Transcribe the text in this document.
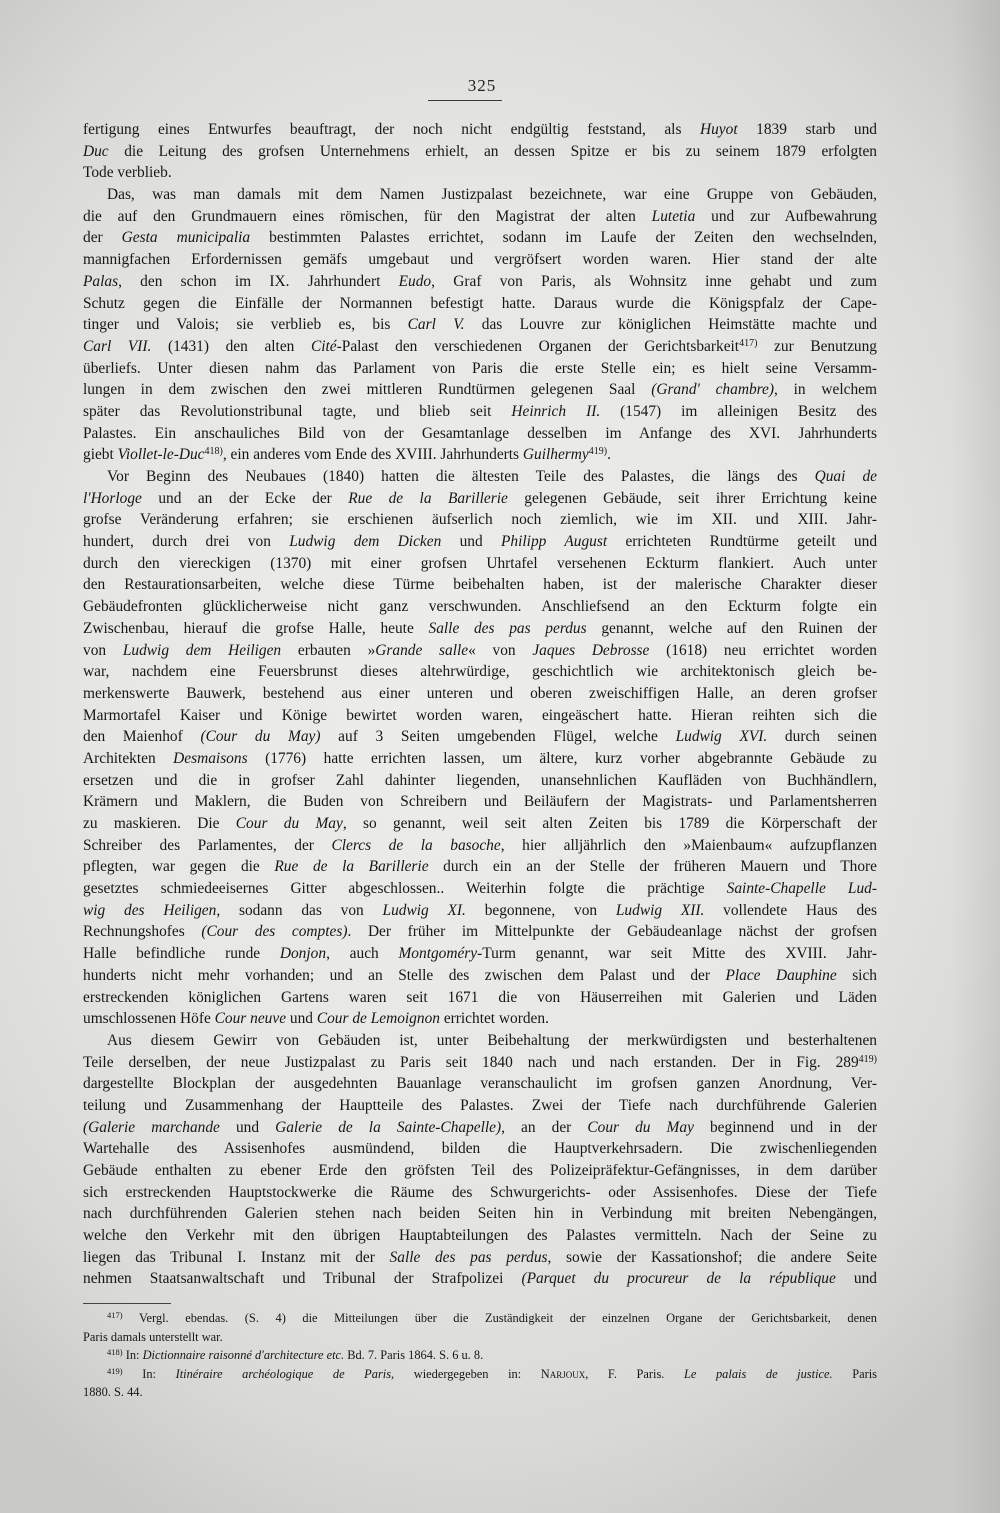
325
fertigung eines Entwurfes beauftragt, der noch nicht endgültig feststand, als Huyot 1839 starb und
Duc die Leitung des grofsen Unternehmens erhielt, an dessen Spitze er bis zu seinem 1879 erfolgten
Tode verblieb.
Das, was man damals mit dem Namen Justizpalast bezeichnete, war eine Gruppe von Gebäuden,
die auf den Grundmauern eines römischen, für den Magistrat der alten Lutetia und zur Aufbewahrung
der Gesta municipalia bestimmten Palastes errichtet, sodann im Laufe der Zeiten den wechselnden,
mannigfachen Erfordernissen gemäfs umgebaut und vergröfsert worden waren. Hier stand der alte
Palas, den schon im IX. Jahrhundert Eudo, Graf von Paris, als Wohnsitz inne gehabt und zum
Schutz gegen die Einfälle der Normannen befestigt hatte. Daraus wurde die Königspfalz der Cape-
tinger und Valois; sie verblieb es, bis Carl V. das Louvre zur königlichen Heimstätte machte und
Carl VII. (1431) den alten Cité-Palast den verschiedenen Organen der Gerichtsbarkeit$^{417)}$ zur Benutzung
überliefs. Unter diesen nahm das Parlament von Paris die erste Stelle ein; es hielt seine Versamm-
lungen in dem zwischen den zwei mittleren Rundtürmen gelegenen Saal (Grand' chambre), in welchem
später das Revolutionstribunal tagte, und blieb seit Heinrich II. (1547) im alleinigen Besitz des
Palastes. Ein anschauliches Bild von der Gesamtanlage desselben im Anfange des XVI. Jahrhunderts
giebt Viollet-le-Duc$^{418)}$, ein anderes vom Ende des XVIII. Jahrhunderts Guilhermy$^{419)}$.
Vor Beginn des Neubaues (1840) hatten die ältesten Teile des Palastes, die längs des Quai de
l'Horloge und an der Ecke der Rue de la Barillerie gelegenen Gebäude, seit ihrer Errichtung keine
grofse Veränderung erfahren; sie erschienen äufserlich noch ziemlich, wie im XII. und XIII. Jahr-
hundert, durch drei von Ludwig dem Dicken und Philipp August errichteten Rundtürme geteilt und
durch den viereckigen (1370) mit einer grofsen Uhrtafel versehenen Eckturm flankiert. Auch unter
den Restaurationsarbeiten, welche diese Türme beibehalten haben, ist der malerische Charakter dieser
Gebäudefronten glücklicherweise nicht ganz verschwunden. Anschliefsend an den Eckturm folgte ein
Zwischenbau, hierauf die grofse Halle, heute Salle des pas perdus genannt, welche auf den Ruinen der
von Ludwig dem Heiligen erbauten »Grande salle« von Jaques Debrosse (1618) neu errichtet worden
war, nachdem eine Feuersbrunst dieses altehrwürdige, geschichtlich wie architektonisch gleich be-
merkenswerte Bauwerk, bestehend aus einer unteren und oberen zweischiffigen Halle, an deren grofser
Marmortafel Kaiser und Könige bewirtet worden waren, eingeäschert hatte. Hieran reihten sich die
den Maienhof (Cour du May) auf 3 Seiten umgebenden Flügel, welche Ludwig XVI. durch seinen
Architekten Desmaisons (1776) hatte errichten lassen, um ältere, kurz vorher abgebrannte Gebäude zu
ersetzen und die in grofser Zahl dahinter liegenden, unansehnlichen Kaufläden von Buchhändlern,
Krämern und Maklern, die Buden von Schreibern und Beiläufern der Magistrats- und Parlamentsherren
zu maskieren. Die Cour du May, so genannt, weil seit alten Zeiten bis 1789 die Körperschaft der
Schreiber des Parlamentes, der Clercs de la basoche, hier alljährlich den »Maienbaum« aufzupflanzen
pflegten, war gegen die Rue de la Barillerie durch ein an der Stelle der früheren Mauern und Thore
gesetztes schmiedeeisernes Gitter abgeschlossen.. Weiterhin folgte die prächtige Sainte-Chapelle Lud-
wig des Heiligen, sodann das von Ludwig XI. begonnene, von Ludwig XII. vollendete Haus des
Rechnungshofes (Cour des comptes). Der früher im Mittelpunkte der Gebäudeanlage nächst der grofsen
Halle befindliche runde Donjon, auch Montgoméry-Turm genannt, war seit Mitte des XVIII. Jahr-
hunderts nicht mehr vorhanden; und an Stelle des zwischen dem Palast und der Place Dauphine sich
erstreckenden königlichen Gartens waren seit 1671 die von Häuserreihen mit Galerien und Läden
umschlossenen Höfe Cour neuve und Cour de Lemoignon errichtet worden.
Aus diesem Gewirr von Gebäuden ist, unter Beibehaltung der merkwürdigsten und besterhaltenen
Teile derselben, der neue Justizpalast zu Paris seit 1840 nach und nach erstanden. Der in Fig. 289$^{419)}$
dargestellte Blockplan der ausgedehnten Bauanlage veranschaulicht im grofsen ganzen Anordnung, Ver-
teilung und Zusammenhang der Hauptteile des Palastes. Zwei der Tiefe nach durchführende Galerien
(Galerie marchande und Galerie de la Sainte-Chapelle), an der Cour du May beginnend und in der
Wartehalle des Assisenhofes ausmündend, bilden die Hauptverkehrsadern. Die zwischenliegenden
Gebäude enthalten zu ebener Erde den gröfsten Teil des Polizeipräfektur-Gefängnisses, in dem darüber
sich erstreckenden Hauptstockwerke die Räume des Schwurgerichts- oder Assisenhofes. Diese der Tiefe
nach durchführenden Galerien stehen nach beiden Seiten hin in Verbindung mit breiten Nebengängen,
welche den Verkehr mit den übrigen Hauptabteilungen des Palastes vermitteln. Nach der Seine zu
liegen das Tribunal I. Instanz mit der Salle des pas perdus, sowie der Kassationshof; die andere Seite
nehmen Staatsanwaltschaft und Tribunal der Strafpolizei (Parquet du procureur de la république und
$^{417)}$ Vergl. ebendas. (S. 4) die Mitteilungen über die Zuständigkeit der einzelnen Organe der Gerichtsbarkeit, denen
Paris damals unterstellt war.
$^{418)}$ In: Dictionnaire raisonné d'architecture etc. Bd. 7. Paris 1864. S. 6 u. 8.
$^{419)}$ In: Itinéraire archéologique de Paris, wiedergegeben in: Narjoux, F. Paris. Le palais de justice. Paris
1880. S. 44.
